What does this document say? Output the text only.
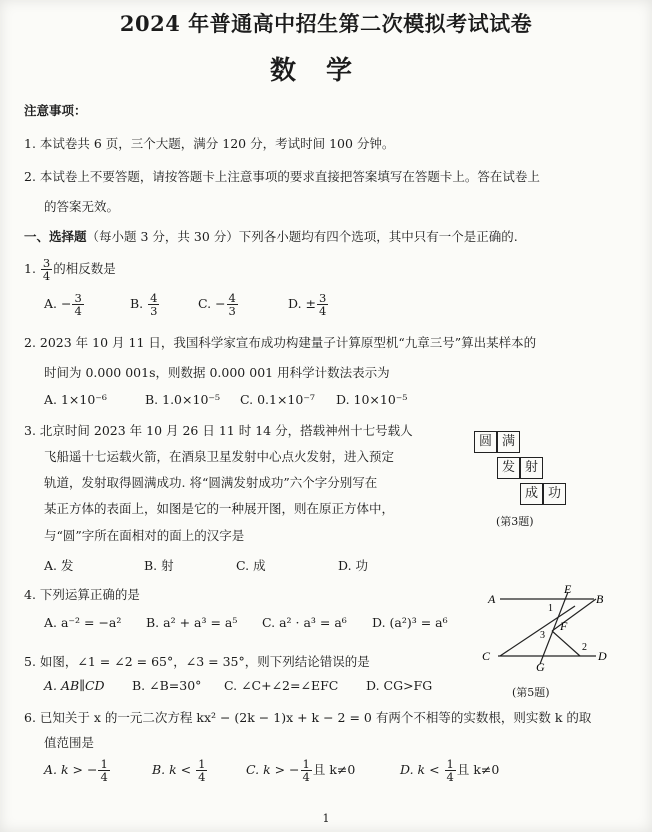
2024 年普通高中招生第二次模拟考试试卷
数学
注意事项：
1. 本试卷共 6 页，三个大题，满分 120 分，考试时间 100 分钟。
2. 本试卷上不要答题，请按答题卡上注意事项的要求直接把答案填写在答题卡上。答在试卷上
的答案无效。
一、选择题（每小题 3 分，共 30 分）下列各小题均有四个选项，其中只有一个是正确的.
1. $\frac{3}{4}$ 的相反数是
A. − $\frac{3}{4}$	B. $\frac{4}{3}$	C. − $\frac{4}{3}$	D. ± $\frac{3}{4}$
2. 2023 年 10 月 11 日，我国科学家宣布成功构建量子计算原型机“九章三号”算出某样本的
时间为 0.000 001s，则数据 0.000 001 用科学计数法表示为
A. 1×10⁻⁶	B. 1.0×10⁻⁵ C. 0.1×10⁻⁷ D. 10×10⁻⁵
3. 北京时间 2023 年 10 月 26 日 11 时 14 分，搭载神州十七号载人
飞船遥十七运载火箭，在酒泉卫星发射中心点火发射，进入预定
轨道，发射取得圆满成功. 将“圆满发射成功”六个字分别写在
某正方体的表面上，如图是它的一种展开图，则在原正方体中，
与“圆”字所在面相对的面上的汉字是
A. 发	B. 射	C. 成	D. 功
圆 满
发 射
成 功
(第3题)
4. 下列运算正确的是
A. a⁻² = −a² B. a² + a³ = a⁵ C. a² · a³ = a⁶ D. (a²)³ = a⁶
5. 如图，∠1 = ∠2 = 65°，∠3 = 35°，则下列结论错误的是
A. AB∥CD B. ∠B=30° C. ∠C+∠2=∠EFC D. CG>FG
A	B
C	D
E
F
G
1
2
3
(第5题)
6. 已知关于 x 的一元二次方程 kx² − (2k − 1)x + k − 2 = 0 有两个不相等的实数根，则实数 k 的取
值范围是
A. k > − $\frac{1}{4}$	B. $k < \frac{1}{4}$	C. k > − $\frac{1}{4}$ 且 k≠0	D. $k < \frac{1}{4}$ 且 k≠0
1
